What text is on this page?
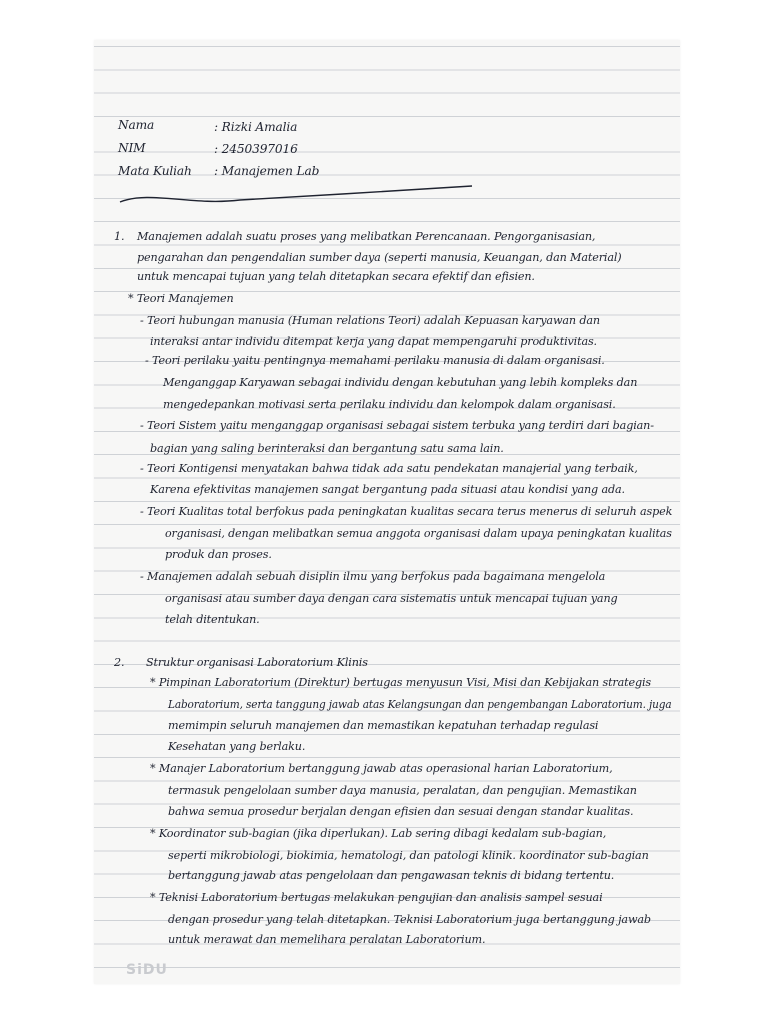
Nama	: Rizki Amalia
NIM	: 2450397016
Mata Kuliah : Manajemen Lab
1. Manajemen adalah suatu proses yang melibatkan Perencanaan. Pengorganisasian,
pengarahan dan pengendalian sumber daya (seperti manusia, Keuangan, dan Material)
untuk mencapai tujuan yang telah ditetapkan secara efektif dan efisien.
* Teori Manajemen
- Teori hubungan manusia (Human relations Teori) adalah Kepuasan karyawan dan
interaksi antar individu ditempat kerja yang dapat mempengaruhi produktivitas.
- Teori perilaku yaitu pentingnya memahami perilaku manusia di dalam organisasi.
Menganggap Karyawan sebagai individu dengan kebutuhan yang lebih kompleks dan
mengedepankan motivasi serta perilaku individu dan kelompok dalam organisasi.
- Teori Sistem yaitu menganggap organisasi sebagai sistem terbuka yang terdiri dari bagian-
bagian yang saling berinteraksi dan bergantung satu sama lain.
- Teori Kontigensi menyatakan bahwa tidak ada satu pendekatan manajerial yang terbaik,
Karena efektivitas manajemen sangat bergantung pada situasi atau kondisi yang ada.
- Teori Kualitas total berfokus pada peningkatan kualitas secara terus menerus di seluruh aspek
organisasi, dengan melibatkan semua anggota organisasi dalam upaya peningkatan kualitas
produk dan proses.
- Manajemen adalah sebuah disiplin ilmu yang berfokus pada bagaimana mengelola
organisasi atau sumber daya dengan cara sistematis untuk mencapai tujuan yang
telah ditentukan.
2. Struktur organisasi Laboratorium Klinis
* Pimpinan Laboratorium (Direktur) bertugas menyusun Visi, Misi dan Kebijakan strategis
Laboratorium, serta tanggung jawab atas Kelangsungan dan pengembangan Laboratorium. juga
memimpin seluruh manajemen dan memastikan kepatuhan terhadap regulasi
Kesehatan yang berlaku.
* Manajer Laboratorium bertanggung jawab atas operasional harian Laboratorium,
termasuk pengelolaan sumber daya manusia, peralatan, dan pengujian. Memastikan
bahwa semua prosedur berjalan dengan efisien dan sesuai dengan standar kualitas.
* Koordinator sub-bagian (jika diperlukan). Lab sering dibagi kedalam sub-bagian,
seperti mikrobiologi, biokimia, hematologi, dan patologi klinik. koordinator sub-bagian
bertanggung jawab atas pengelolaan dan pengawasan teknis di bidang tertentu.
* Teknisi Laboratorium bertugas melakukan pengujian dan analisis sampel sesuai
dengan prosedur yang telah ditetapkan. Teknisi Laboratorium juga bertanggung jawab
untuk merawat dan memelihara peralatan Laboratorium.
SiDU
